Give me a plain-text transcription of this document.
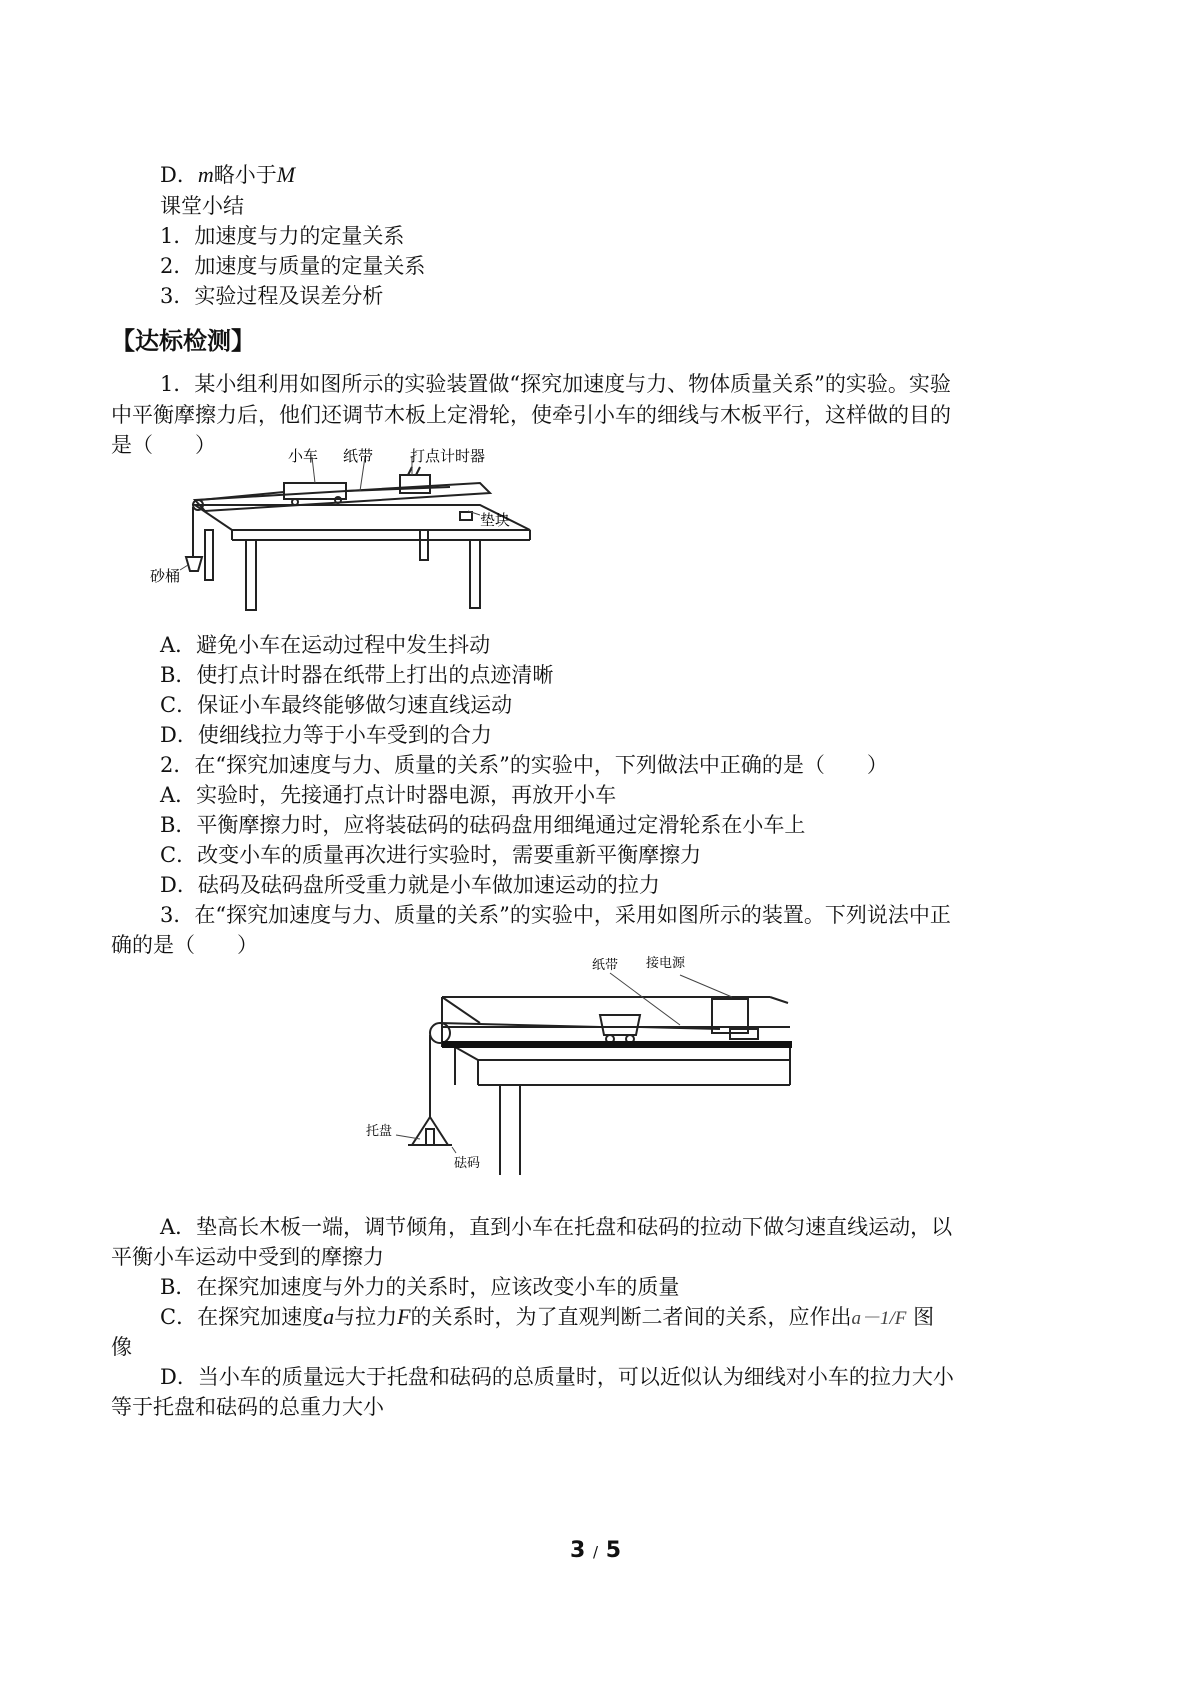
D．m略小于M
课堂小结
1．加速度与力的定量关系
2．加速度与质量的定量关系
3．实验过程及误差分析
【达标检测】
1．某小组利用如图所示的实验装置做“探究加速度与力、物体质量关系”的实验。实验
中平衡摩擦力后，他们还调节木板上定滑轮，使牵引小车的细线与木板平行，这样做的目的
是（　　）	小车 纸带 打点计时器
垫块
砂桶
A．避免小车在运动过程中发生抖动
B．使打点计时器在纸带上打出的点迹清晰
C．保证小车最终能够做匀速直线运动
D．使细线拉力等于小车受到的合力
2．在“探究加速度与力、质量的关系”的实验中，下列做法中正确的是（　　）
A．实验时，先接通打点计时器电源，再放开小车
B．平衡摩擦力时，应将装砝码的砝码盘用细绳通过定滑轮系在小车上
C．改变小车的质量再次进行实验时，需要重新平衡摩擦力
D．砝码及砝码盘所受重力就是小车做加速运动的拉力
3．在“探究加速度与力、质量的关系”的实验中，采用如图所示的装置。下列说法中正
确的是（　　）
纸带 接电源
托盘
砝码
A．垫高长木板一端，调节倾角，直到小车在托盘和砝码的拉动下做匀速直线运动，以
平衡小车运动中受到的摩擦力
B．在探究加速度与外力的关系时，应该改变小车的质量
C．在探究加速度a与拉力F的关系时，为了直观判断二者间的关系，应作出a－1/F 图
像
D．当小车的质量远大于托盘和砝码的总质量时，可以近似认为细线对小车的拉力大小
等于托盘和砝码的总重力大小
3 / 5
